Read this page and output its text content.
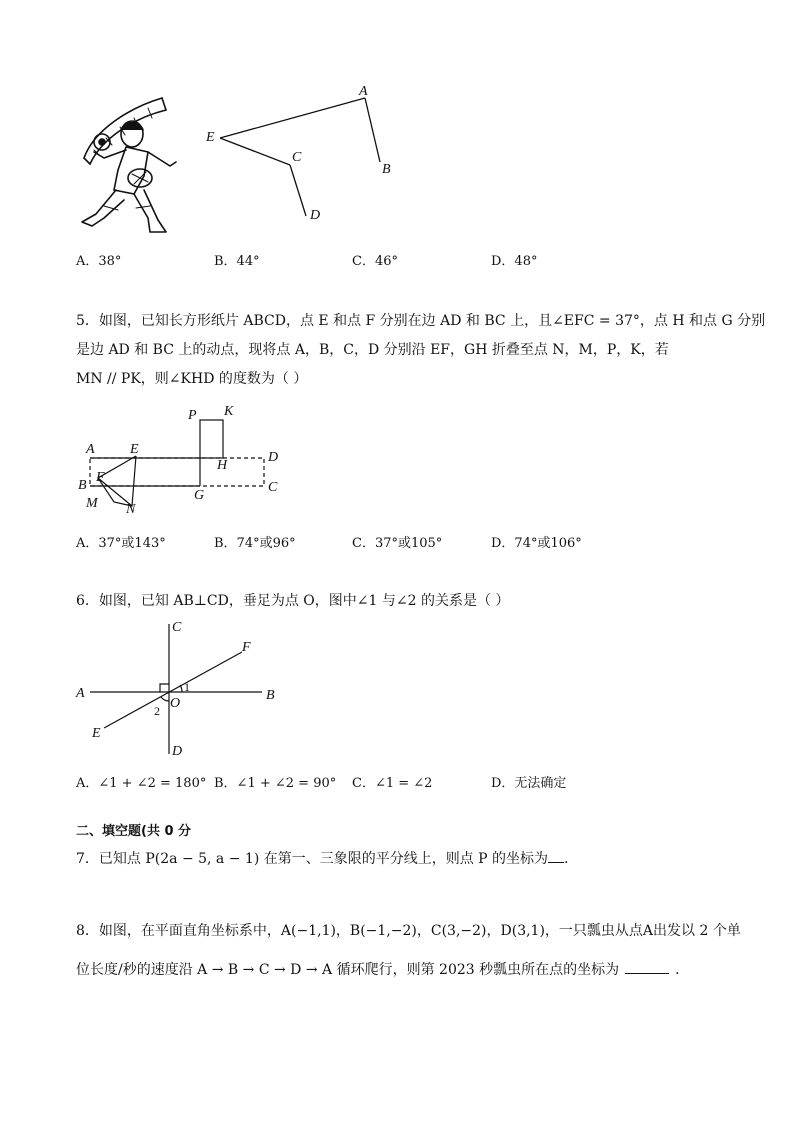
A
E
C
B
D
A．38°	B．44°	C．46°	D．48°
5．如图，已知长方形纸片 ABCD，点 E 和点 F 分别在边 AD 和 BC 上，且∠EFC = 37°，点 H 和点 G 分别
是边 AD 和 BC 上的动点，现将点 A，B，C，D 分别沿 EF，GH 折叠至点 N，M，P，K，若
MN // PK，则∠KHD 的度数为（ ）
P K
A	E
D
H
F
B
G
C
M N
A．37°或143°	B．74°或96°	C．37°或105°	D．74°或106°
6．如图，已知 AB⊥CD，垂足为点 O，图中∠1 与∠2 的关系是（ ）
C
F
A	1
B
O
2
E
D
A．∠1 + ∠2 = 180° B．∠1 + ∠2 = 90° C．∠1 = ∠2	D．无法确定
二、填空题(共 0 分
7．已知点 P(2a − 5, a − 1) 在第一、三象限的平分线上，则点 P 的坐标为 ．
8．如图，在平面直角坐标系中，A(−1,1)，B(−1,−2)，C(3,−2)，D(3,1)，一只瓢虫从点A出发以 2 个单
位长度/秒的速度沿 A → B → C → D → A 循环爬行，则第 2023 秒瓢虫所在点的坐标为	．
